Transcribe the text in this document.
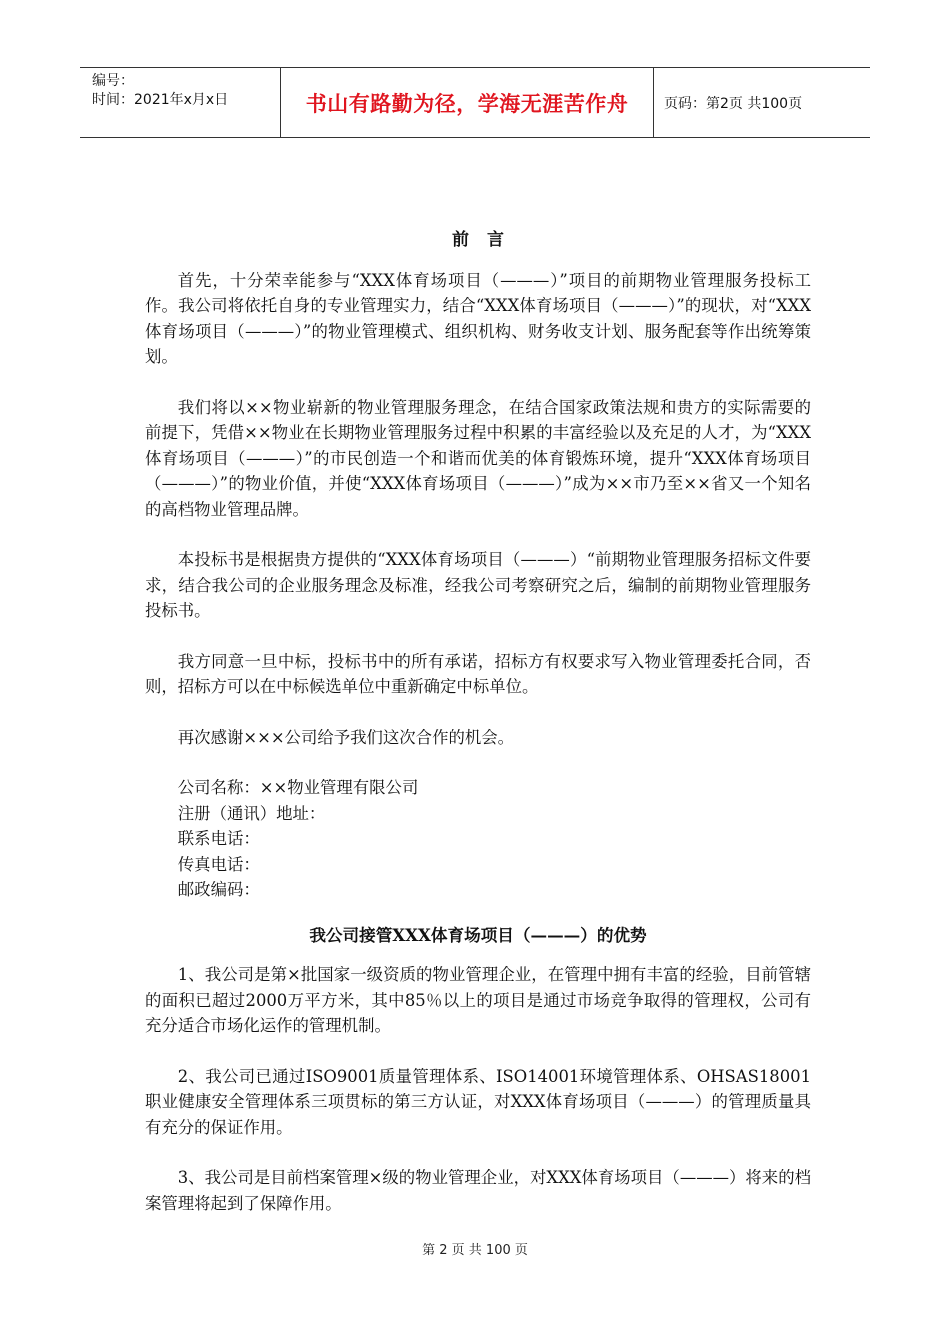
编号：
时间：2021年x月x日	书山有路勤为径，学海无涯苦作舟	页码：第2页 共100页
前言
首先，十分荣幸能参与“XXX体育场项目（———）”项目的前期物业管理服务投标工作。我公司将依托自身的专业管理实力，结合“XXX体育场项目（———）”的现状，对“XXX体育场项目（———）”的物业管理模式、组织机构、财务收支计划、服务配套等作出统筹策划。
我们将以××物业崭新的物业管理服务理念，在结合国家政策法规和贵方的实际需要的前提下，凭借××物业在长期物业管理服务过程中积累的丰富经验以及充足的人才，为“XXX体育场项目（———）”的市民创造一个和谐而优美的体育锻炼环境，提升“XXX体育场项目（———）”的物业价值，并使“XXX体育场项目（———）”成为××市乃至××省又一个知名的高档物业管理品牌。
本投标书是根据贵方提供的“XXX体育场项目（———）“前期物业管理服务招标文件要求，结合我公司的企业服务理念及标准，经我公司考察研究之后，编制的前期物业管理服务投标书。
我方同意一旦中标，投标书中的所有承诺，招标方有权要求写入物业管理委托合同，否则，招标方可以在中标候选单位中重新确定中标单位。
再次感谢×××公司给予我们这次合作的机会。
公司名称：××物业管理有限公司
注册（通讯）地址：
联系电话：
传真电话：
邮政编码：
我公司接管XXX体育场项目（———）的优势
1、我公司是第×批国家一级资质的物业管理企业，在管理中拥有丰富的经验，目前管辖的面积已超过2000万平方米，其中85％以上的项目是通过市场竞争取得的管理权，公司有充分适合市场化运作的管理机制。
2、我公司已通过ISO9001质量管理体系、ISO14001环境管理体系、OHSAS18001职业健康安全管理体系三项贯标的第三方认证，对XXX体育场项目（———）的管理质量具有充分的保证作用。
3、我公司是目前档案管理×级的物业管理企业，对XXX体育场项目（———）将来的档案管理将起到了保障作用。
第 2 页 共 100 页
